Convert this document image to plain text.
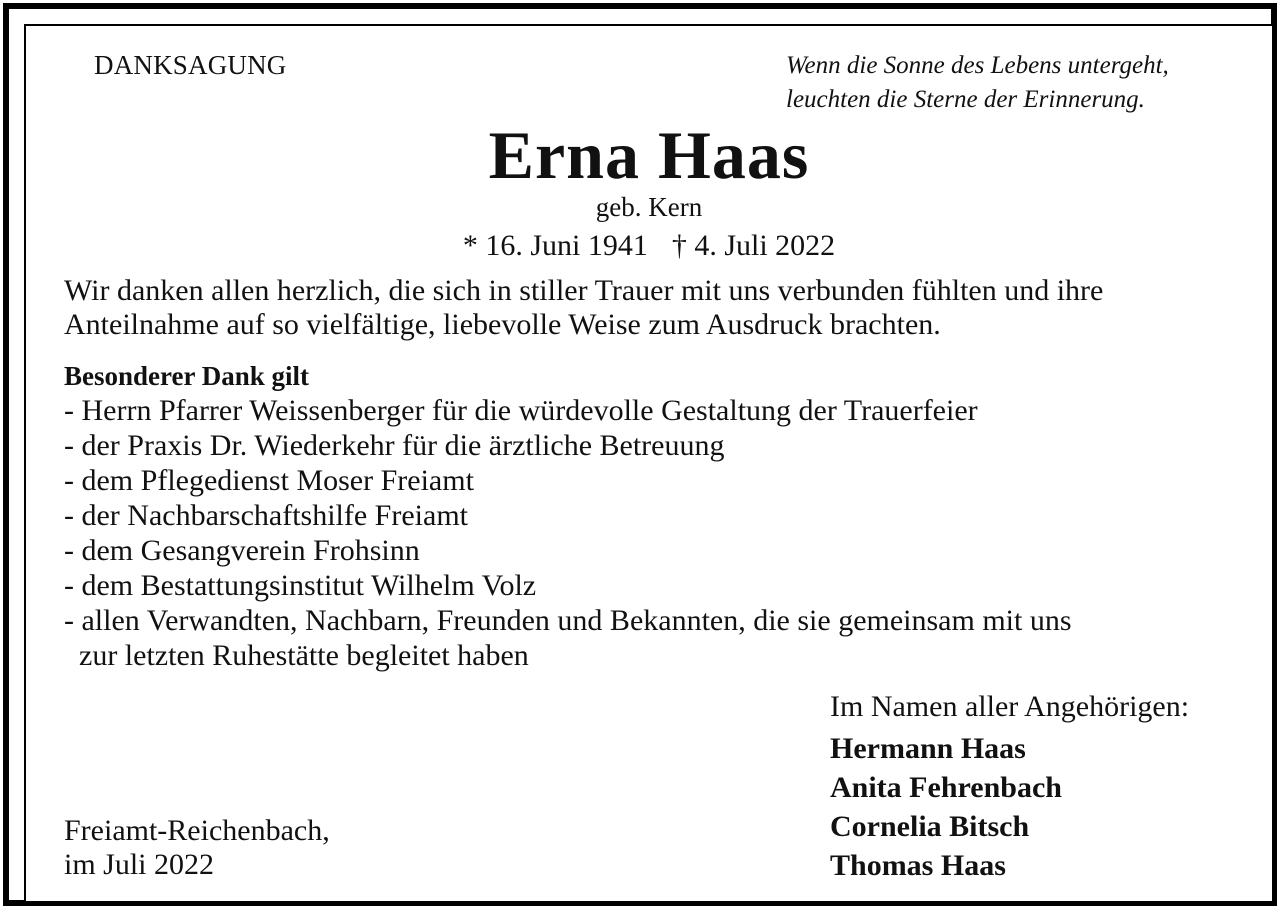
DANKSAGUNG	Wenn die Sonne des Lebens untergeht,
leuchten die Sterne der Erinnerung.
Erna Haas
geb. Kern
* 16. Juni 1941 † 4. Juli 2022
Wir danken allen herzlich, die sich in stiller Trauer mit uns verbunden fühlten und ihre
Anteilnahme auf so vielfältige, liebevolle Weise zum Ausdruck brachten.
Besonderer Dank gilt
- Herrn Pfarrer Weissenberger für die würdevolle Gestaltung der Trauerfeier
- der Praxis Dr. Wiederkehr für die ärztliche Betreuung
- dem Pflegedienst Moser Freiamt
- der Nachbarschaftshilfe Freiamt
- dem Gesangverein Frohsinn
- dem Bestattungsinstitut Wilhelm Volz
- allen Verwandten, Nachbarn, Freunden und Bekannten, die sie gemeinsam mit uns
zur letzten Ruhestätte begleitet haben
Im Namen aller Angehörigen:
Hermann Haas
Anita Fehrenbach
Cornelia Bitsch
Thomas Haas
Freiamt-Reichenbach,
im Juli 2022
